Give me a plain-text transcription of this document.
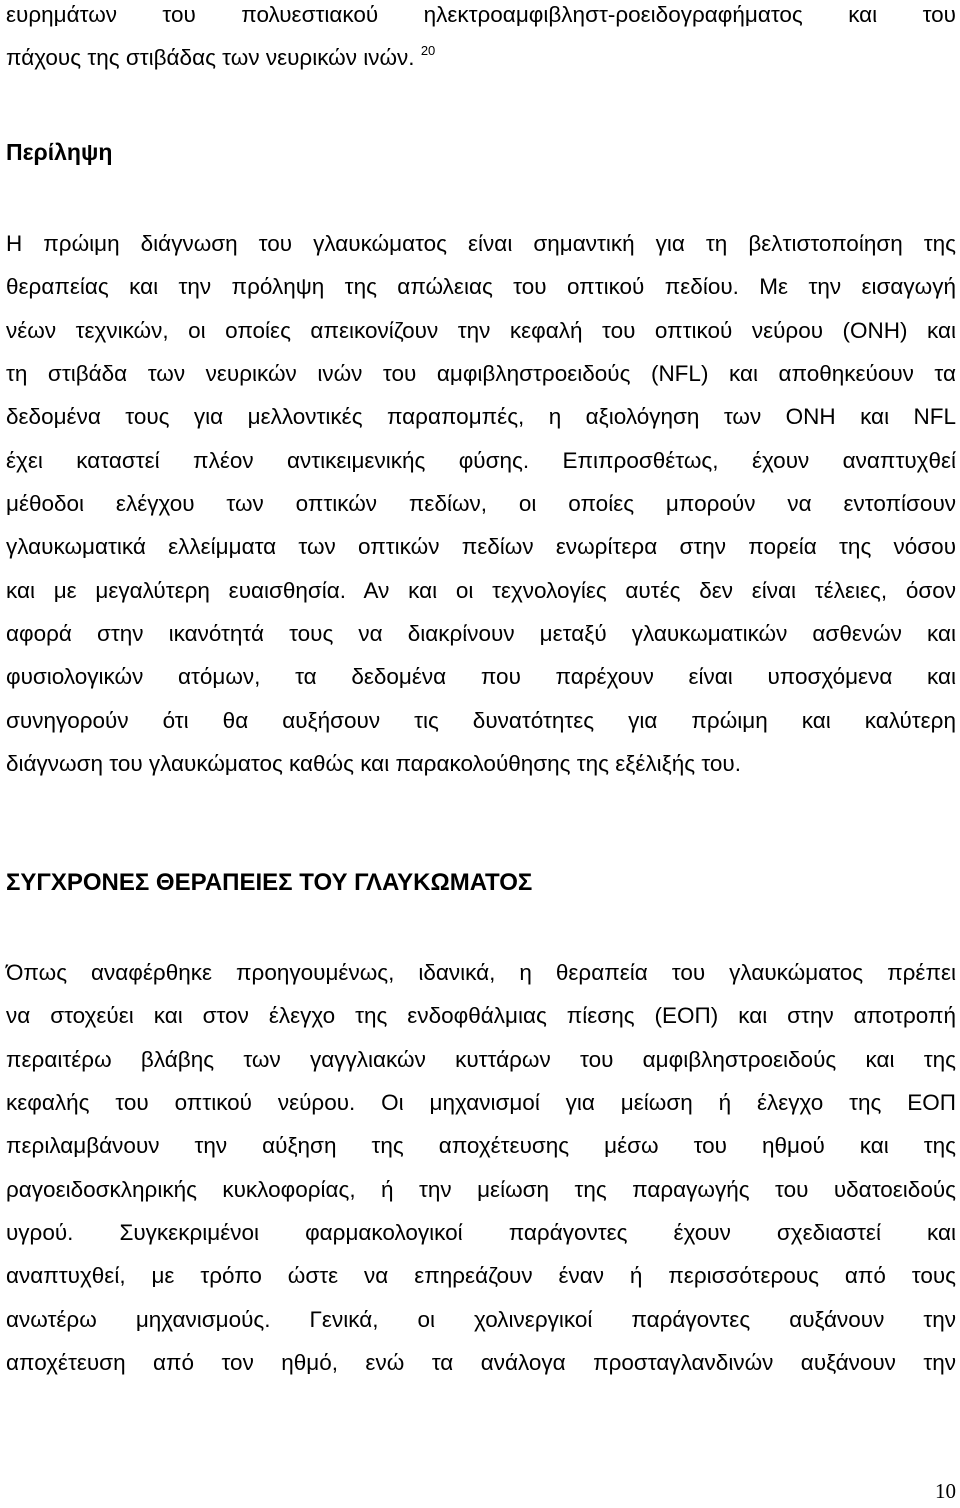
ευρημάτων του πολυεστιακού ηλεκτροαμφιβληστ-ροειδογραφήματος και του
πάχους της στιβάδας των νευρικών ινών. $^{20}$
Περίληψη
Η πρώιμη διάγνωση του γλαυκώματος είναι σημαντική για τη βελτιστοποίηση της
θεραπείας και την πρόληψη της απώλειας του οπτικού πεδίου. Με την εισαγωγή
νέων τεχνικών, οι οποίες απεικονίζουν την κεφαλή του οπτικού νεύρου (ΟΝΗ) και
τη στιβάδα των νευρικών ινών του αμφιβληστροειδούς (NFL) και αποθηκεύουν τα
δεδομένα τους για μελλοντικές παραπομπές, η αξιολόγηση των ΟΝΗ και NFL
έχει καταστεί πλέον αντικειμενικής φύσης. Επιπροσθέτως, έχουν αναπτυχθεί
μέθοδοι ελέγχου των οπτικών πεδίων, οι οποίες μπορούν να εντοπίσουν
γλαυκωματικά ελλείμματα των οπτικών πεδίων ενωρίτερα στην πορεία της νόσου
και με μεγαλύτερη ευαισθησία. Αν και οι τεχνολογίες αυτές δεν είναι τέλειες, όσον
αφορά στην ικανότητά τους να διακρίνουν μεταξύ γλαυκωματικών ασθενών και
φυσιολογικών ατόμων, τα δεδομένα που παρέχουν είναι υποσχόμενα και
συνηγορούν ότι θα αυξήσουν τις δυνατότητες για πρώιμη και καλύτερη
διάγνωση του γλαυκώματος καθώς και παρακολούθησης της εξέλιξής του.
ΣΥΓΧΡΟΝΕΣ ΘΕΡΑΠΕΙΕΣ ΤΟΥ ΓΛΑΥΚΩΜΑΤΟΣ
Όπως αναφέρθηκε προηγουμένως, ιδανικά, η θεραπεία του γλαυκώματος πρέπει
να στοχεύει και στον έλεγχο της ενδοφθάλμιας πίεσης (ΕΟΠ) και στην αποτροπή
περαιτέρω βλάβης των γαγγλιακών κυττάρων του αμφιβληστροειδούς και της
κεφαλής του οπτικού νεύρου. Οι μηχανισμοί για μείωση ή έλεγχο της ΕΟΠ
περιλαμβάνουν την αύξηση της αποχέτευσης μέσω του ηθμού και της
ραγοειδοσκληρικής κυκλοφορίας, ή την μείωση της παραγωγής του υδατοειδούς
υγρού. Συγκεκριμένοι φαρμακολογικοί παράγοντες έχουν σχεδιαστεί και
αναπτυχθεί, με τρόπο ώστε να επηρεάζουν έναν ή περισσότερους από τους
ανωτέρω μηχανισμούς. Γενικά, οι χολινεργικοί παράγοντες αυξάνουν την
αποχέτευση από τον ηθμό, ενώ τα ανάλογα προσταγλανδινών αυξάνουν την
10
